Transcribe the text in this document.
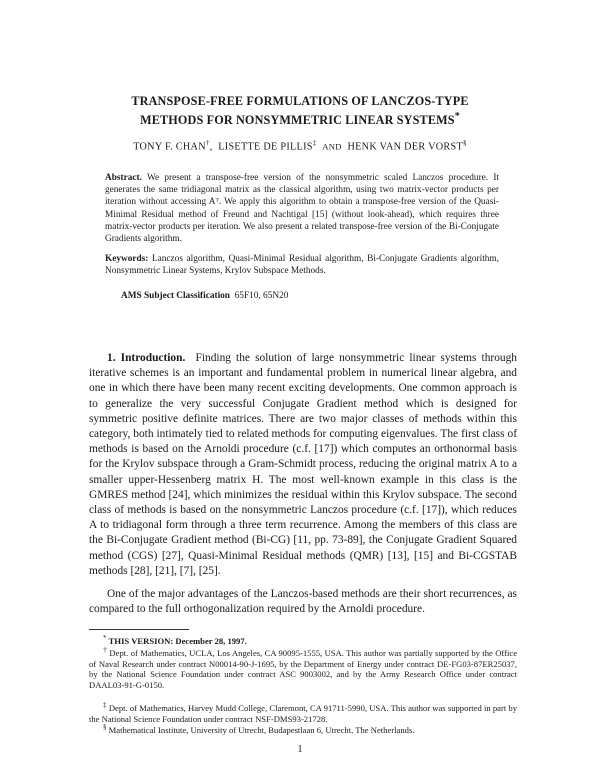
TRANSPOSE-FREE FORMULATIONS OF LANCZOS-TYPE
METHODS FOR NONSYMMETRIC LINEAR SYSTEMS*
TONY F. CHAN†,  LISETTE DE PILLIS‡ AND HENK VAN DER VORST§
Abstract. We present a transpose-free version of the nonsymmetric scaled Lanczos procedure. It generates the same tridiagonal matrix as the classical algorithm, using two matrix-vector products per iteration without accessing Aᵀ. We apply this algorithm to obtain a transpose-free version of the Quasi-Minimal Residual method of Freund and Nachtigal [15] (without look-ahead), which requires three matrix-vector products per iteration. We also present a related transpose-free version of the Bi-Conjugate Gradients algorithm.
Keywords: Lanczos algorithm, Quasi-Minimal Residual algorithm, Bi-Conjugate Gradients algorithm, Nonsymmetric Linear Systems, Krylov Subspace Methods.
AMS Subject Classification 65F10, 65N20

1. Introduction. Finding the solution of large nonsymmetric linear systems through iterative schemes is an important and fundamental problem in numerical linear algebra, and one in which there have been many recent exciting developments. One common approach is to generalize the very successful Conjugate Gradient method which is designed for symmetric positive definite matrices. There are two major classes of methods within this category, both intimately tied to related methods for computing eigenvalues. The first class of methods is based on the Arnoldi procedure (c.f. [17]) which computes an orthonormal basis for the Krylov subspace through a Gram-Schmidt process, reducing the original matrix A to a smaller upper-Hessenberg matrix H. The most well-known example in this class is the GMRES method [24], which minimizes the residual within this Krylov subspace. The second class of methods is based on the nonsymmetric Lanczos procedure (c.f. [17]), which reduces A to tridiagonal form through a three term recurrence. Among the members of this class are the Bi-Conjugate Gradient method (Bi-CG) [11, pp. 73-89], the Conjugate Gradient Squared method (CGS) [27], Quasi-Minimal Residual methods (QMR) [13], [15] and Bi-CGSTAB methods [28], [21], [7], [25].

One of the major advantages of the Lanczos-based methods are their short recurrences, as compared to the full orthogonalization required by the Arnoldi procedure.

* THIS VERSION: December 28, 1997.
† Dept. of Mathematics, UCLA, Los Angeles, CA 90095-1555, USA. This author was partially supported by the Office of Naval Research under contract N00014-90-J-1695, by the Department of Energy under contract DE-FG03-87ER25037, by the National Science Foundation under contract ASC 9003002, and by the Army Research Office under contract DAAL03-91-G-0150.
‡ Dept. of Mathematics, Harvey Mudd College, Claremont, CA 91711-5990, USA. This author was supported in part by the National Science Foundation under contract NSF-DMS93-21728.
§ Mathematical Institute, University of Utrecht, Budapestlaan 6, Utrecht, The Netherlands.
1
